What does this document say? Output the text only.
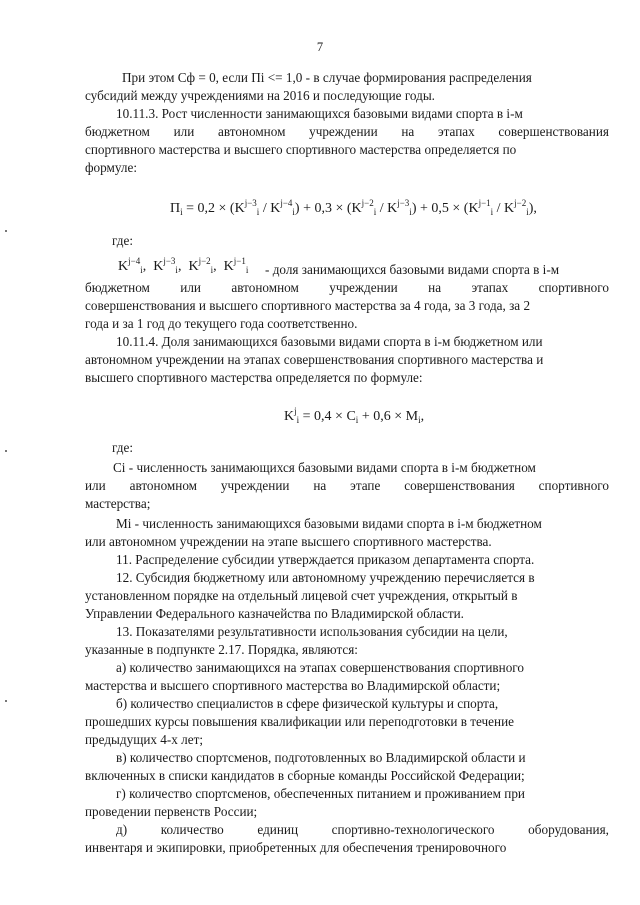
7
При этом Сф = 0, если Пi <= 1,0 - в случае формирования распределения
субсидий между учреждениями на 2016 и последующие годы.
10.11.3. Рост численности занимающихся базовыми видами спорта в i-м
бюджетном или автономном учреждении на этапах совершенствования
спортивного мастерства и высшего спортивного мастерства определяется по
формуле:
$П_i = 0,2 \times (K^{j-3}_i / K^{j-4}_i) + 0,3 \times (K^{j-2}_i / K^{j-3}_i) + 0,5 \times (K^{j-1}_i / K^{j-2}_i)$,
где:
$K^{j-4}_i$, $K^{j-3}_i$, $K^{j-2}_i$, $K^{j-1}_i$ - доля занимающихся базовыми видами спорта в i-м
бюджетном или автономном учреждении на этапах спортивного
совершенствования и высшего спортивного мастерства за 4 года, за 3 года, за 2
года и за 1 год до текущего года соответственно.
10.11.4. Доля занимающихся базовыми видами спорта в i-м бюджетном или
автономном учреждении на этапах совершенствования спортивного мастерства и
высшего спортивного мастерства определяется по формуле:
$K^j_i = 0,4 \times C_i + 0,6 \times M_i$,
где:
Ci - численность занимающихся базовыми видами спорта в i-м бюджетном
или автономном учреждении на этапе совершенствования спортивного
мастерства;
Mi - численность занимающихся базовыми видами спорта в i-м бюджетном
или автономном учреждении на этапе высшего спортивного мастерства.
11. Распределение субсидии утверждается приказом департамента спорта.
12. Субсидия бюджетному или автономному учреждению перечисляется в
установленном порядке на отдельный лицевой счет учреждения, открытый в
Управлении Федерального казначейства по Владимирской области.
13. Показателями результативности использования субсидии на цели,
указанные в подпункте 2.17. Порядка, являются:
а) количество занимающихся на этапах совершенствования спортивного
мастерства и высшего спортивного мастерства во Владимирской области;
б) количество специалистов в сфере физической культуры и спорта,
прошедших курсы повышения квалификации или переподготовки в течение
предыдущих 4-х лет;
в) количество спортсменов, подготовленных во Владимирской области и
включенных в списки кандидатов в сборные команды Российской Федерации;
г) количество спортсменов, обеспеченных питанием и проживанием при
проведении первенств России;
д)	количество	единиц	спортивно-технологического	оборудования,
инвентаря и экипировки, приобретенных для обеспечения тренировочного
